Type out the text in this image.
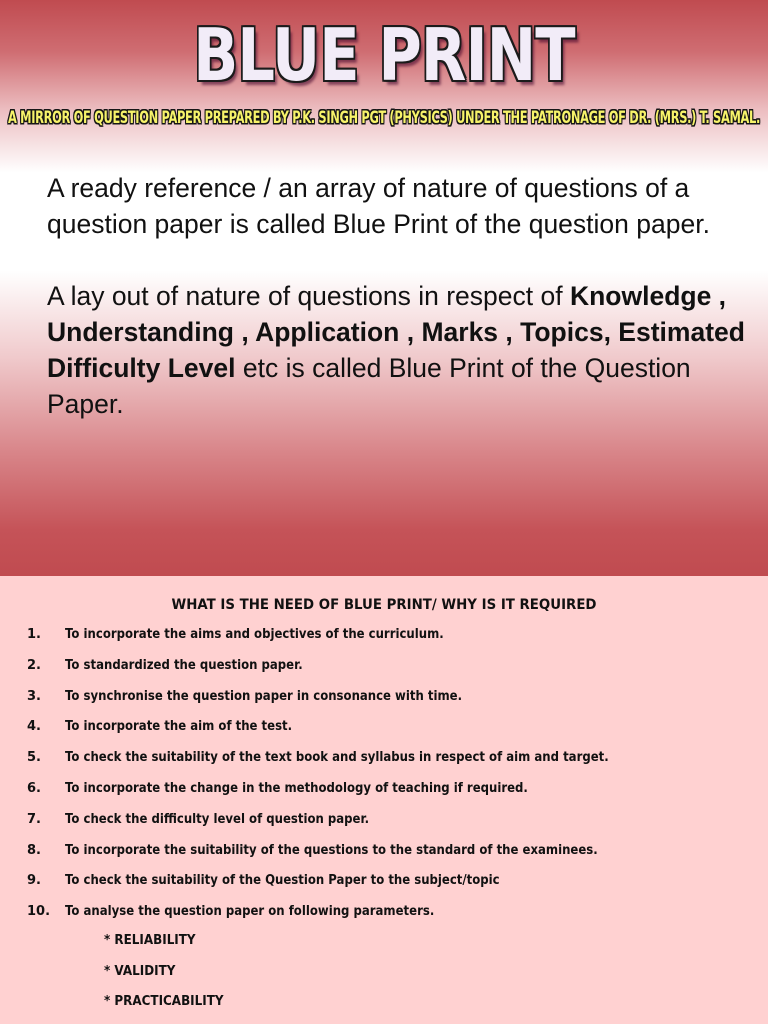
BLUE PRINT
A MIRROR OF QUESTION PAPER PREPARED BY P.K. SINGH PGT (PHYSICS) UNDER THE PATRONAGE OF DR. (MRS.) T. SAMAL.

A ready reference / an array of nature of questions of a question paper is called Blue Print of the question paper.

A lay out of nature of questions in respect of Knowledge , Understanding , Application , Marks , Topics, Estimated Difficulty Level etc is called Blue Print of the Question Paper.

WHAT IS THE NEED OF BLUE PRINT/ WHY IS IT REQUIRED
1. To incorporate the aims and objectives of the curriculum.
2. To standardized the question paper.
3. To synchronise the question paper in consonance with time.
4. To incorporate the aim of the test.
5. To check the suitability of the text book and syllabus in respect of aim and target.
6. To incorporate the change in the methodology of teaching if required.
7. To check the difficulty level of question paper.
8. To incorporate the suitability of the questions to the standard of the examinees.
9. To check the suitability of the Question Paper to the subject/topic
10. To analyse the question paper on following parameters.
* RELIABILITY
* VALIDITY
* PRACTICABILITY
